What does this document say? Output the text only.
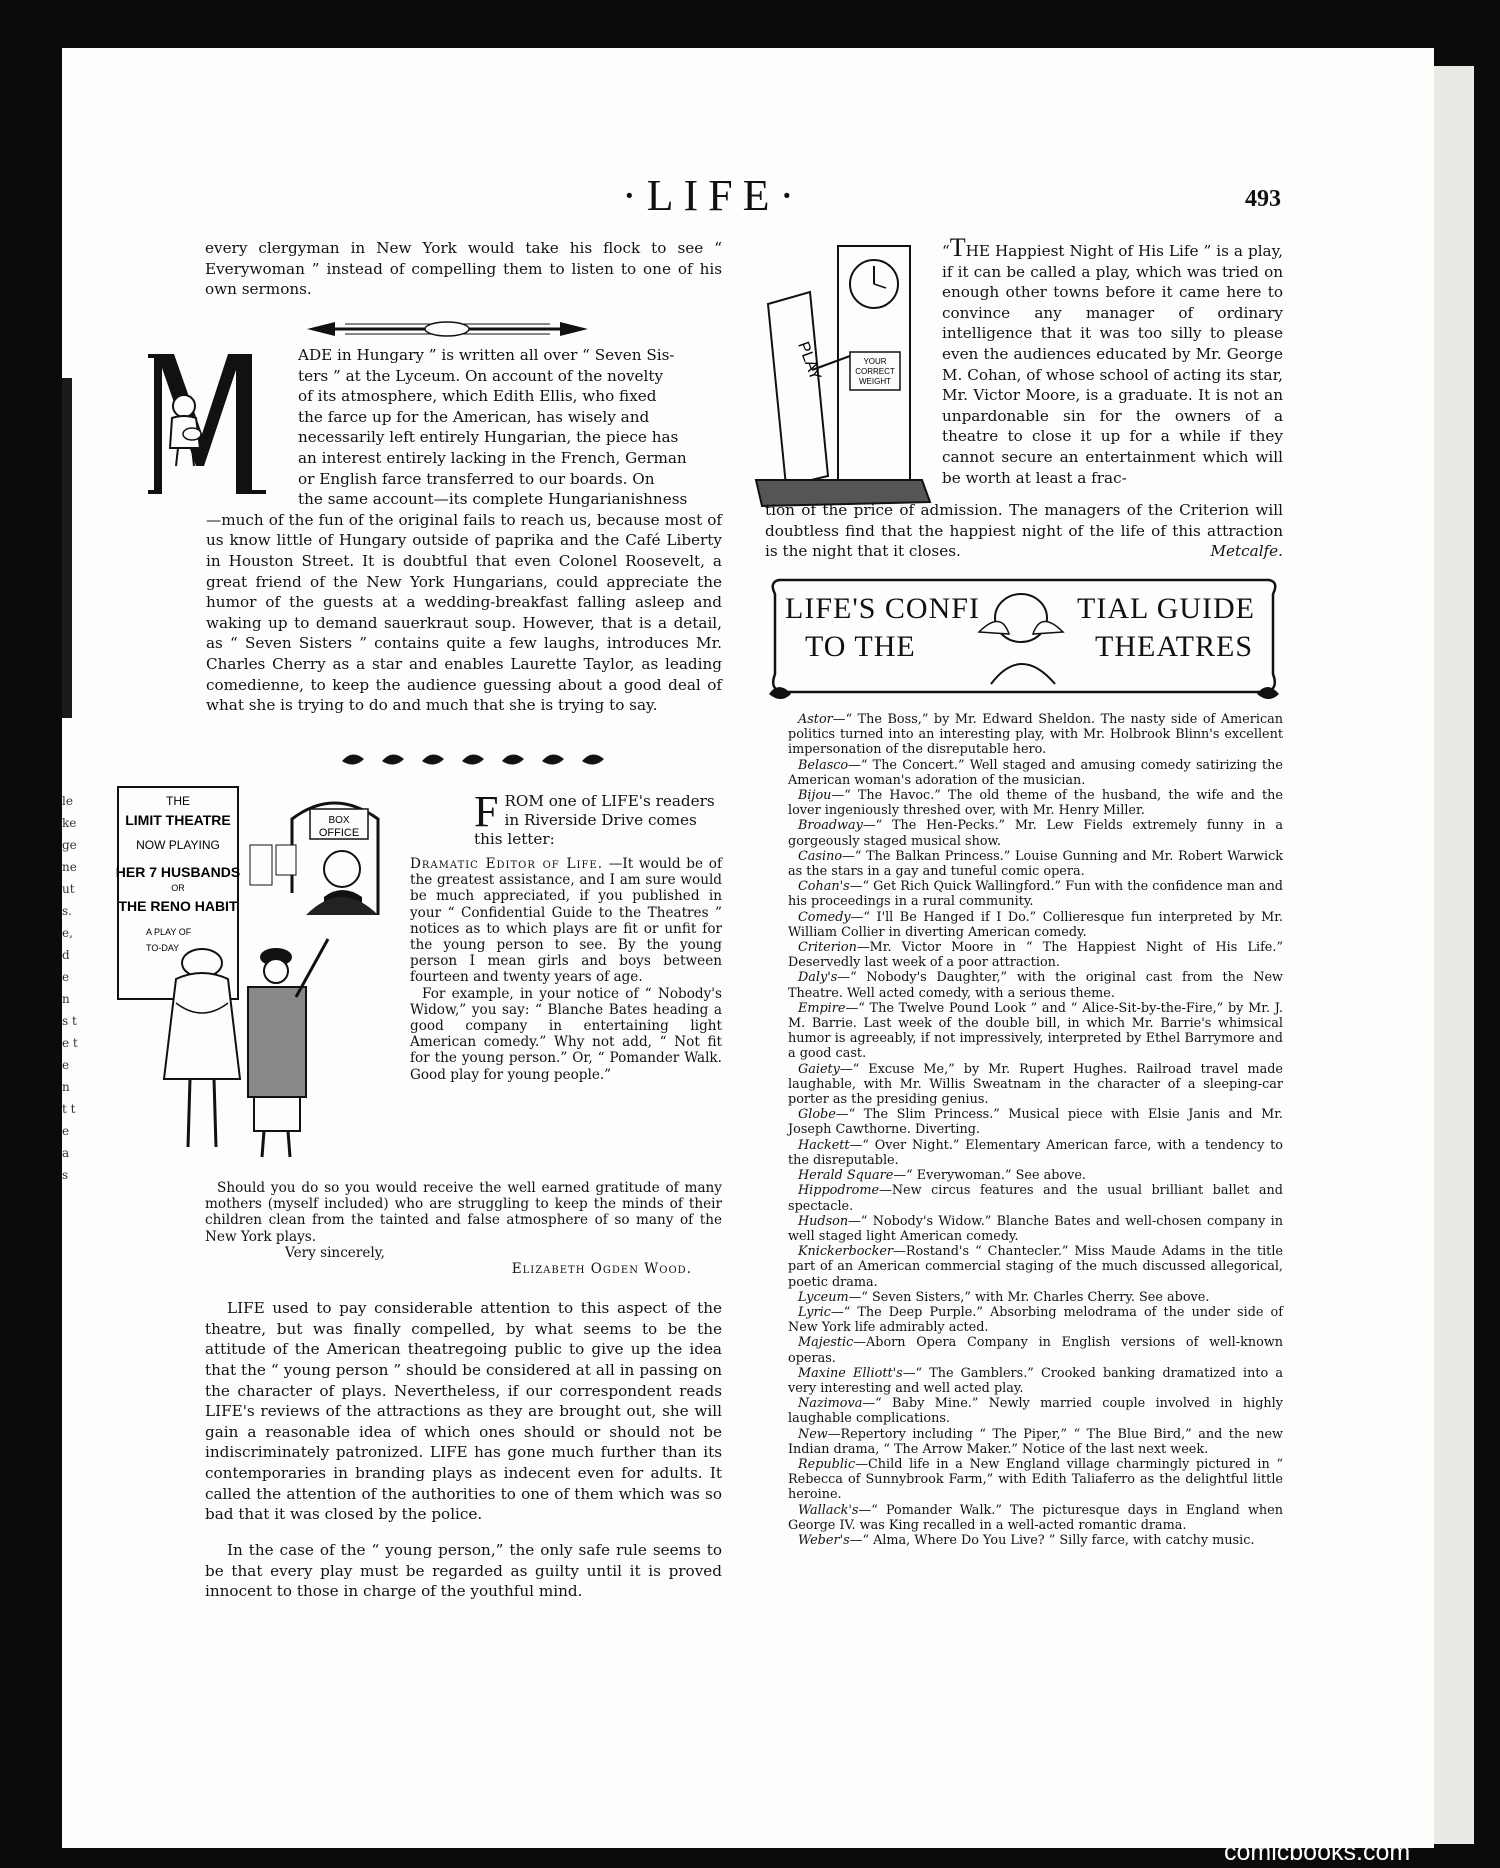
le ke ge ne ut s. e, d e n s t e t e n t t e a s
·LIFE·	493

every clergyman in New York would take his flock to see “ Everywoman ” instead of compelling them to listen to one of his own sermons.

ADE in Hungary ” is written all over “ Seven Sis-
ters ” at the Lyceum. On account of the novelty
of its atmosphere, which Edith Ellis, who fixed
the farce up for the American, has wisely and
necessarily left entirely Hungarian, the piece has
an interest entirely lacking in the French, German
or English farce transferred to our boards. On
the same account—its complete Hungarianishness

—much of the fun of the original fails to reach us, because most of us know little of Hungary outside of paprika and the Café Liberty in Houston Street. It is doubtful that even Colonel Roosevelt, a great friend of the New York Hungarians, could appreciate the humor of the guests at a wedding-breakfast falling asleep and waking up to demand sauerkraut soup. However, that is a detail, as “ Seven Sisters ” contains quite a few laughs, introduces Mr. Charles Cherry as a star and enables Laurette Taylor, as leading comedienne, to keep the audience guessing about a good deal of what she is trying to do and much that she is trying to say.

THE
LIMIT THEATRE
NOW PLAYING
HER 7 HUSBANDS
OR
THE RENO HABIT
A PLAY OF
TO-DAY
BOX
OFFICE	FROM one of LIFE's readers in Riverside Drive comes this letter:

Dramatic Editor of Life. —It would be of the greatest assistance, and I am sure would be much appreciated, if you published in your “ Confidential Guide to the Theatres ” notices as to which plays are fit or unfit for the young person to see. By the young person I mean girls and boys between fourteen and twenty years of age.

For example, in your notice of “ Nobody's Widow,” you say: “ Blanche Bates heading a good company in entertaining light American comedy.” Why not add, “ Not fit for the young person.” Or, “ Pomander Walk. Good play for young people.”

Should you do so you would receive the well earned gratitude of many mothers (myself included) who are struggling to keep the minds of their children clean from the tainted and false atmosphere of so many of the New York plays.

Very sincerely,

Elizabeth Ogden Wood.

LIFE used to pay considerable attention to this aspect of the theatre, but was finally compelled, by what seems to be the attitude of the American theatregoing public to give up the idea that the “ young person ” should be considered at all in passing on the character of plays. Nevertheless, if our correspondent reads LIFE's reviews of the attractions as they are brought out, she will gain a reasonable idea of which ones should or should not be indiscriminately patronized. LIFE has gone much further than its contemporaries in branding plays as indecent even for adults. It called the attention of the authorities to one of them which was so bad that it was closed by the police.

In the case of the “ young person,” the only safe rule seems to be that every play must be regarded as guilty until it is proved innocent to those in charge of the youthful mind.

PLAY	YOUR
CORRECT
WEIGHT
“THE Happiest Night of His Life ” is a play, if it can be called a play, which was tried on enough other towns before it came here to convince any manager of ordinary intelligence that it was too silly to please even the audiences educated by Mr. George M. Cohan, of whose school of acting its star, Mr. Victor Moore, is a graduate. It is not an unpardonable sin for the owners of a theatre to close it up for a while if they cannot secure an entertainment which will be worth at least a frac-
tion of the price of admission. The managers of the Criterion will doubtless find that the happiest night of the life of this attraction is the night that it closes.	Metcalfe.
LIFE'S CONFI
TO THE
TIAL GUIDE
THEATRES

Astor—“ The Boss,” by Mr. Edward Sheldon. The nasty side of American politics turned into an interesting play, with Mr. Holbrook Blinn's excellent impersonation of the disreputable hero.

Belasco—“ The Concert.” Well staged and amusing comedy satirizing the American woman's adoration of the musician.

Bijou—“ The Havoc.” The old theme of the husband, the wife and the lover ingeniously threshed over, with Mr. Henry Miller.

Broadway—“ The Hen-Pecks.” Mr. Lew Fields extremely funny in a gorgeously staged musical show.

Casino—“ The Balkan Princess.” Louise Gunning and Mr. Robert Warwick as the stars in a gay and tuneful comic opera.

Cohan's—“ Get Rich Quick Wallingford.” Fun with the confidence man and his proceedings in a rural community.

Comedy—“ I'll Be Hanged if I Do.” Collieresque fun interpreted by Mr. William Collier in diverting American comedy.

Criterion—Mr. Victor Moore in “ The Happiest Night of His Life.” Deservedly last week of a poor attraction.

Daly's—“ Nobody's Daughter,” with the original cast from the New Theatre. Well acted comedy, with a serious theme.

Empire—“ The Twelve Pound Look ” and “ Alice-Sit-by-the-Fire,” by Mr. J. M. Barrie. Last week of the double bill, in which Mr. Barrie's whimsical humor is agreeably, if not impressively, interpreted by Ethel Barrymore and a good cast.

Gaiety—“ Excuse Me,” by Mr. Rupert Hughes. Railroad travel made laughable, with Mr. Willis Sweatnam in the character of a sleeping-car porter as the presiding genius.

Globe—“ The Slim Princess.” Musical piece with Elsie Janis and Mr. Joseph Cawthorne. Diverting.

Hackett—“ Over Night.” Elementary American farce, with a tendency to the disreputable.

Herald Square—“ Everywoman.” See above.

Hippodrome—New circus features and the usual brilliant ballet and spectacle.

Hudson—“ Nobody's Widow.” Blanche Bates and well-chosen company in well staged light American comedy.

Knickerbocker—Rostand's “ Chantecler.” Miss Maude Adams in the title part of an American commercial staging of the much discussed allegorical, poetic drama.

Lyceum—“ Seven Sisters,” with Mr. Charles Cherry. See above.

Lyric—“ The Deep Purple.” Absorbing melodrama of the under side of New York life admirably acted.

Majestic—Aborn Opera Company in English versions of well-known operas.

Maxine Elliott's—“ The Gamblers.” Crooked banking dramatized into a very interesting and well acted play.

Nazimova—“ Baby Mine.” Newly married couple involved in highly laughable complications.

New—Repertory including “ The Piper,” “ The Blue Bird,” and the new Indian drama, “ The Arrow Maker.” Notice of the last next week.

Republic—Child life in a New England village charmingly pictured in “ Rebecca of Sunnybrook Farm,” with Edith Taliaferro as the delightful little heroine.

Wallack's—“ Pomander Walk.” The picturesque days in England when George IV. was King recalled in a well-acted romantic drama.

Weber's—“ Alma, Where Do You Live? ” Silly farce, with catchy music.

comicbooks.com
